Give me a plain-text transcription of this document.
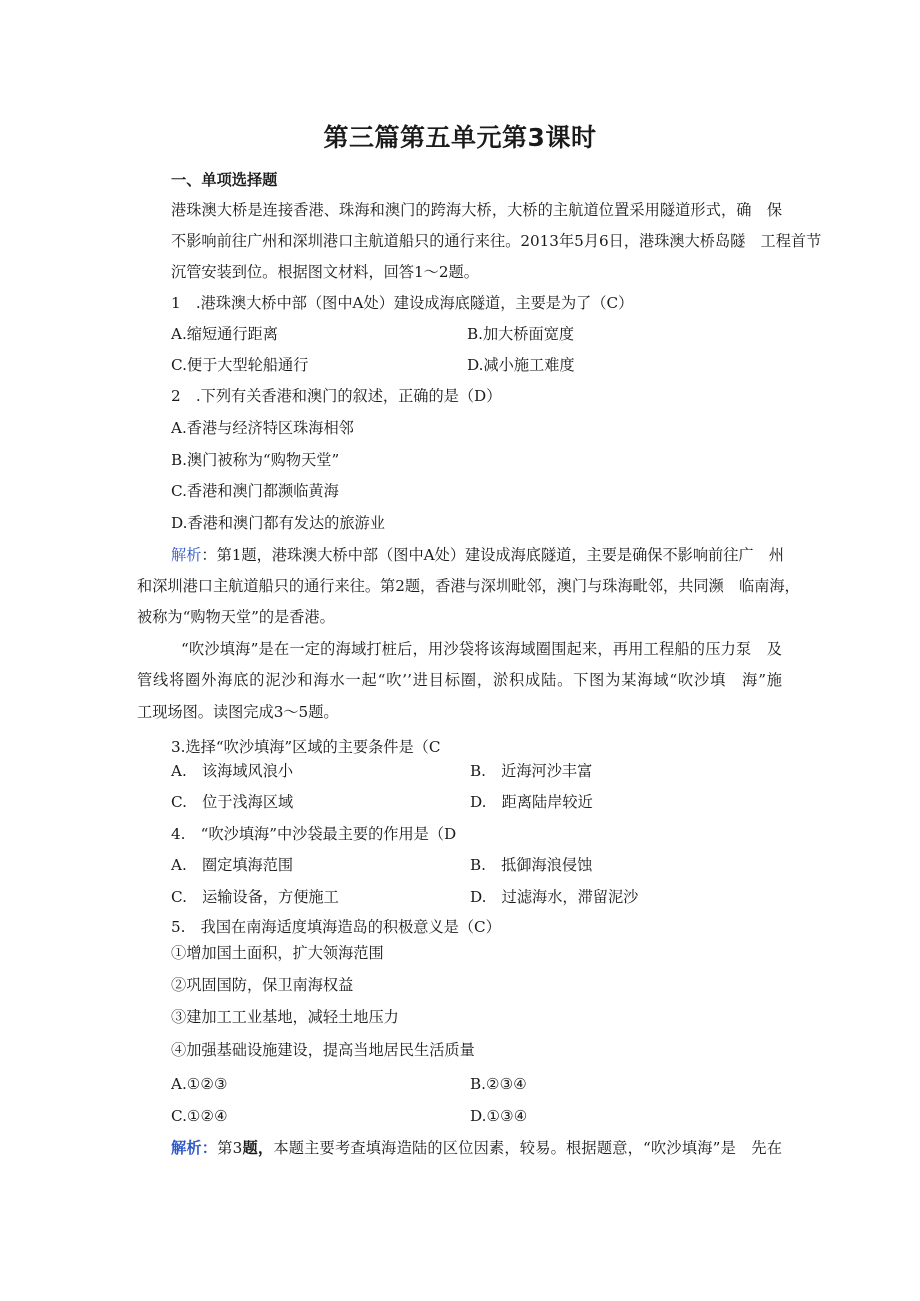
第三篇第五单元第3课时
一、单项选择题
港珠澳大桥是连接香港、珠海和澳门的跨海大桥，大桥的主航道位置采用隧道形式，确　保
不影响前往广州和深圳港口主航道船只的通行来往。2013年5月6日，港珠澳大桥岛隧　工程首节
沉管安装到位。根据图文材料，回答1～2题。
1　.港珠澳大桥中部（图中A处）建设成海底隧道，主要是为了（C）
A.缩短通行距离	B.加大桥面宽度
C.便于大型轮船通行	D.减小施工难度
2　.下列有关香港和澳门的叙述，正确的是（D）
A.香港与经济特区珠海相邻
B.澳门被称为“购物天堂”
C.香港和澳门都濒临黄海
D.香港和澳门都有发达的旅游业
解析：第1题，港珠澳大桥中部（图中A处）建设成海底隧道，主要是确保不影响前往广　州
和深圳港口主航道船只的通行来往。第2题，香港与深圳毗邻，澳门与珠海毗邻，共同濒　临南海，
被称为“购物天堂”的是香港。
“吹沙填海”是在一定的海域打桩后，用沙袋将该海域圈围起来，再用工程船的压力泵　及
管线将圈外海底的泥沙和海水一起“吹’’进目标圈，淤积成陆。下图为某海域“吹沙填　海”施
工现场图。读图完成3～5题。
3.选择“吹沙填海”区域的主要条件是（C
A.　该海域风浪小	B.　近海河沙丰富
C.　位于浅海区域	D.　距离陆岸较近
4.　“吹沙填海”中沙袋最主要的作用是（D
A.　圈定填海范围	B.　抵御海浪侵蚀
C.　运输设备，方便施工	D.　过滤海水，滞留泥沙
5.　我国在南海适度填海造岛的积极意义是（C）
①增加国土面积，扩大领海范围
②巩固国防，保卫南海权益
③建加工工业基地，减轻土地压力
④加强基础设施建设，提高当地居民生活质量
A.①②③	B.②③④
C.①②④	D.①③④
解析：第3题，本题主要考查填海造陆的区位因素，较易。根据题意，“吹沙填海”是　先在
